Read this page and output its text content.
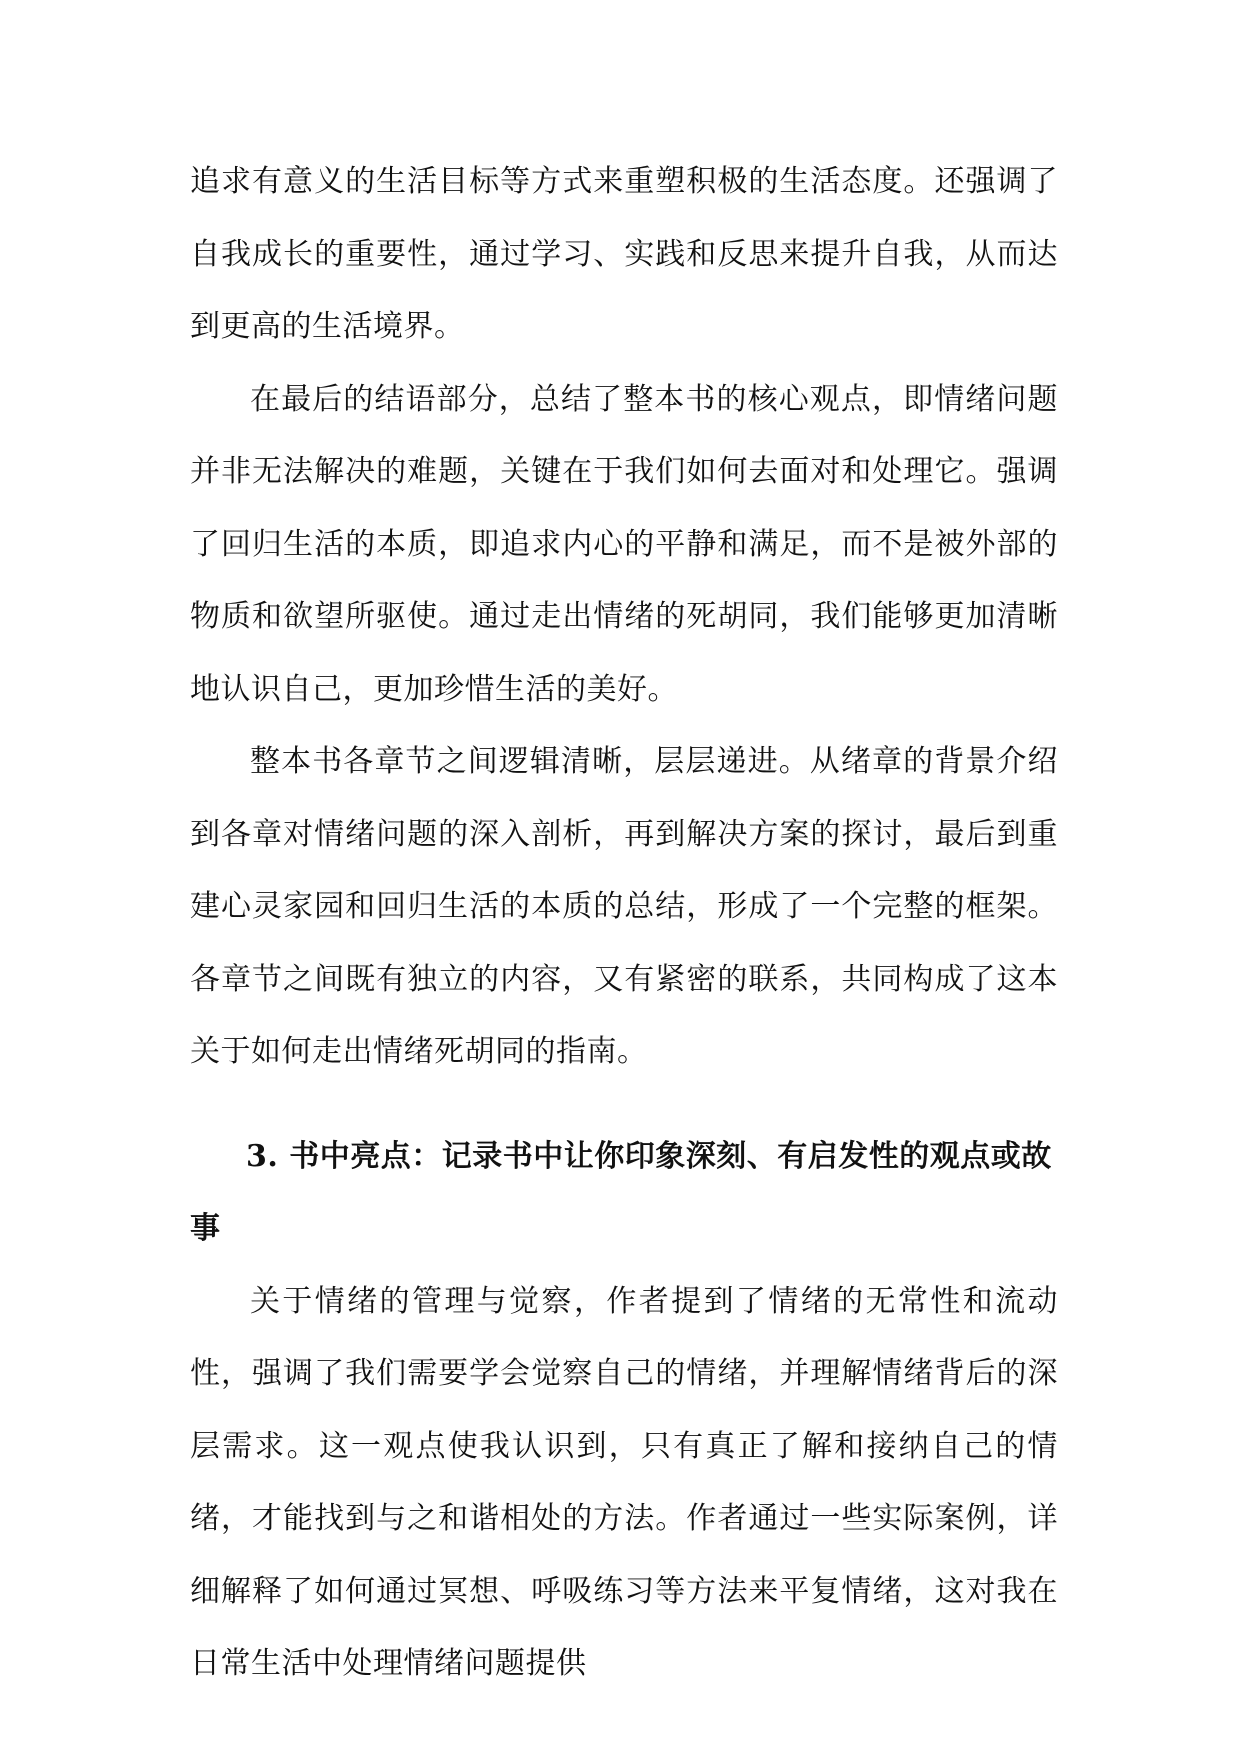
追求有意义的生活目标等方式来重塑积极的生活态度。还强调了自我成长的重要性，通过学习、实践和反思来提升自我，从而达到更高的生活境界。

在最后的结语部分，总结了整本书的核心观点，即情绪问题并非无法解决的难题，关键在于我们如何去面对和处理它。强调了回归生活的本质，即追求内心的平静和满足，而不是被外部的物质和欲望所驱使。通过走出情绪的死胡同，我们能够更加清晰地认识自己，更加珍惜生活的美好。

整本书各章节之间逻辑清晰，层层递进。从绪章的背景介绍到各章对情绪问题的深入剖析，再到解决方案的探讨，最后到重建心灵家园和回归生活的本质的总结，形成了一个完整的框架。各章节之间既有独立的内容，又有紧密的联系，共同构成了这本关于如何走出情绪死胡同的指南。

3. 书中亮点：记录书中让你印象深刻、有启发性的观点或故事

关于情绪的管理与觉察，作者提到了情绪的无常性和流动性，强调了我们需要学会觉察自己的情绪，并理解情绪背后的深层需求。这一观点使我认识到，只有真正了解和接纳自己的情绪，才能找到与之和谐相处的方法。作者通过一些实际案例，详细解释了如何通过冥想、呼吸练习等方法来平复情绪，这对我在日常生活中处理情绪问题提供
